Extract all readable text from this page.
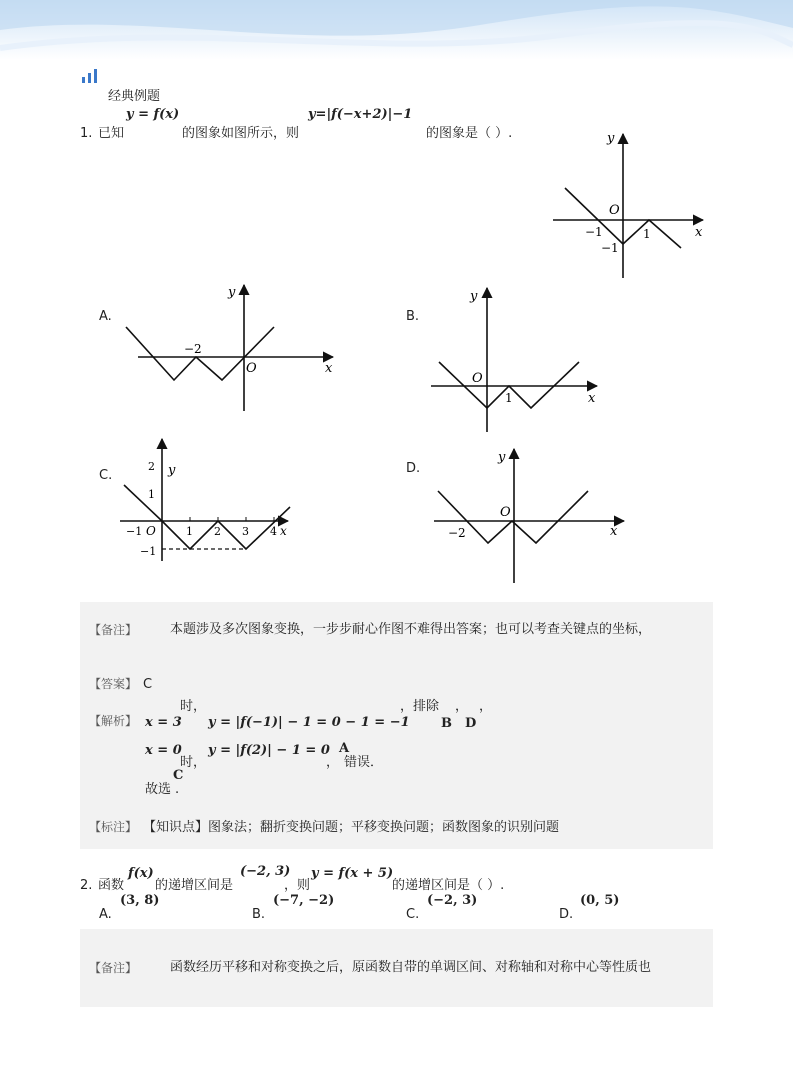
经典例题
y = f(x)	y=|f(−x+2)|−1
1. 已知	的图象如图所示，则	的图象是（ ）.	y
x
O
−1
−1
1
A.
y
x
O
−2
B.
y
x
O
1
C.	y
x
O
2
1
−1
−1	1 2 3 4
D.
y
x
O
−2
【备注】	本题涉及多次图象变换，一步步耐心作图不难得出答案；也可以考查关键点的坐标，
【答案】 C
【解析】 x = 3
时，
y = |f(−1)| − 1 = 0 − 1 = −1
，排除
B
，
D
，
x = 0
时，
y = |f(2)| − 1 = 0
，
A
错误．
故选
C
.
【标注】 【知识点】图象法；翻折变换问题；平移变换问题；函数图象的识别问题
f(x)	(−2, 3) y = f(x + 5)
2. 函数 的递增区间是	，则	的递增区间是（ ）.
A.
(3, 8)
B.
(−7, −2)
C.
(−2, 3)
D.
(0, 5)
【备注】	函数经历平移和对称变换之后，原函数自带的单调区间、对称轴和对称中心等性质也
